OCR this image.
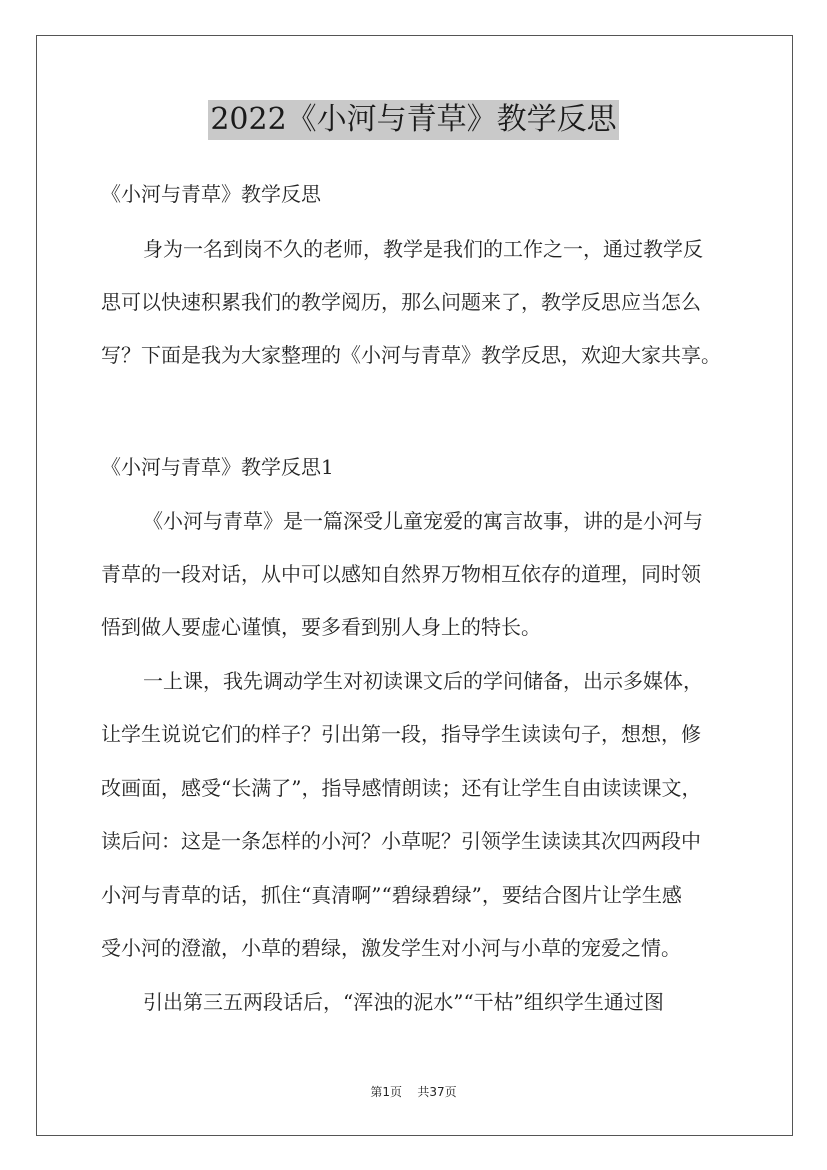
2022《小河与青草》教学反思
《小河与青草》教学反思
身为一名到岗不久的老师，教学是我们的工作之一，通过教学反
思可以快速积累我们的教学阅历，那么问题来了，教学反思应当怎么
写？下面是我为大家整理的《小河与青草》教学反思，欢迎大家共享。
《小河与青草》教学反思1
《小河与青草》是一篇深受儿童宠爱的寓言故事，讲的是小河与
青草的一段对话，从中可以感知自然界万物相互依存的道理，同时领
悟到做人要虚心谨慎，要多看到别人身上的特长。
一上课，我先调动学生对初读课文后的学问储备，出示多媒体，
让学生说说它们的样子？引出第一段，指导学生读读句子，想想，修
改画面，感受“长满了”，指导感情朗读；还有让学生自由读读课文，
读后问：这是一条怎样的小河？小草呢？引领学生读读其次四两段中
小河与青草的话，抓住“真清啊”“碧绿碧绿”，要结合图片让学生感
受小河的澄澈，小草的碧绿，激发学生对小河与小草的宠爱之情。
引出第三五两段话后，“浑浊的泥水”“干枯”组织学生通过图
第1页 共37页
